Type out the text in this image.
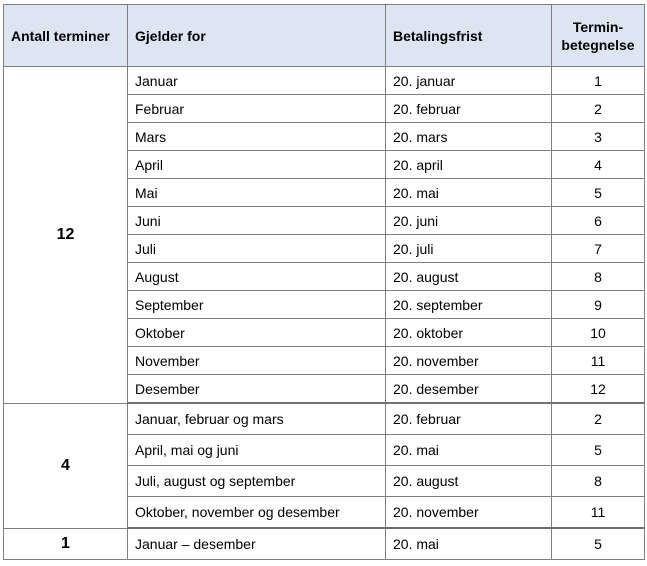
Antall terminer	Gjelder for	Betalingsfrist	Termin-betegnelse
12	Januar	20. januar	1
	Februar	20. februar	2
	Mars	20. mars	3
	April	20. april	4
	Mai	20. mai	5
	Juni	20. juni	6
	Juli	20. juli	7
	August	20. august	8
	September	20. september	9
	Oktober	20. oktober	10
	November	20. november	11
	Desember	20. desember	12
4	Januar, februar og mars	20. februar	2
	April, mai og juni	20. mai	5
	Juli, august og september	20. august	8
	Oktober, november og desember	20. november	11
1	Januar – desember	20. mai	5
